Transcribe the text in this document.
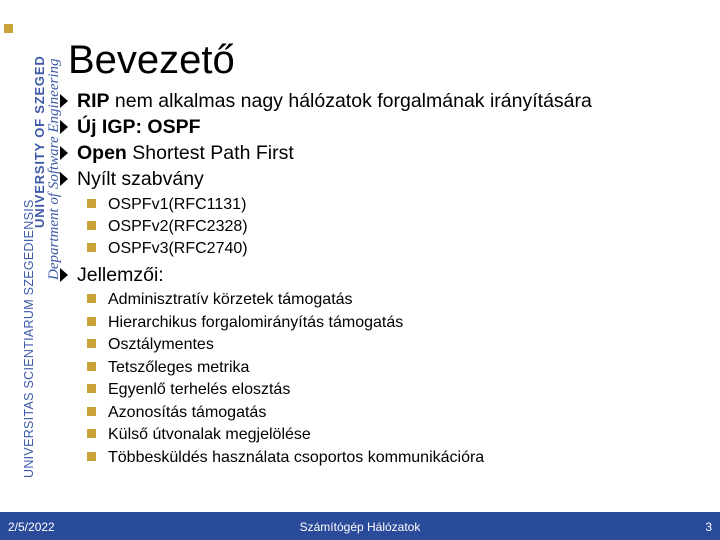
UNIVERSITAS SCIENTIARUM SZEGEDIENSIS
UNIVERSITY OF SZEGED Department of Software Engineering Bevezető
RIP nem alkalmas nagy hálózatok forgalmának irányítására
Új IGP: OSPF
Open Shortest Path First
Nyílt szabvány
OSPFv1(RFC1131)
OSPFv2(RFC2328)
OSPFv3(RFC2740)
Jellemzői:
Adminisztratív körzetek támogatás
Hierarchikus forgalomirányítás támogatás
Osztálymentes
Tetszőleges metrika
Egyenlő terhelés elosztás
Azonosítás támogatás
Külső útvonalak megjelölése
Többesküldés használata csoportos kommunikációra
Számítógép Hálózatok
2/5/2022	3
